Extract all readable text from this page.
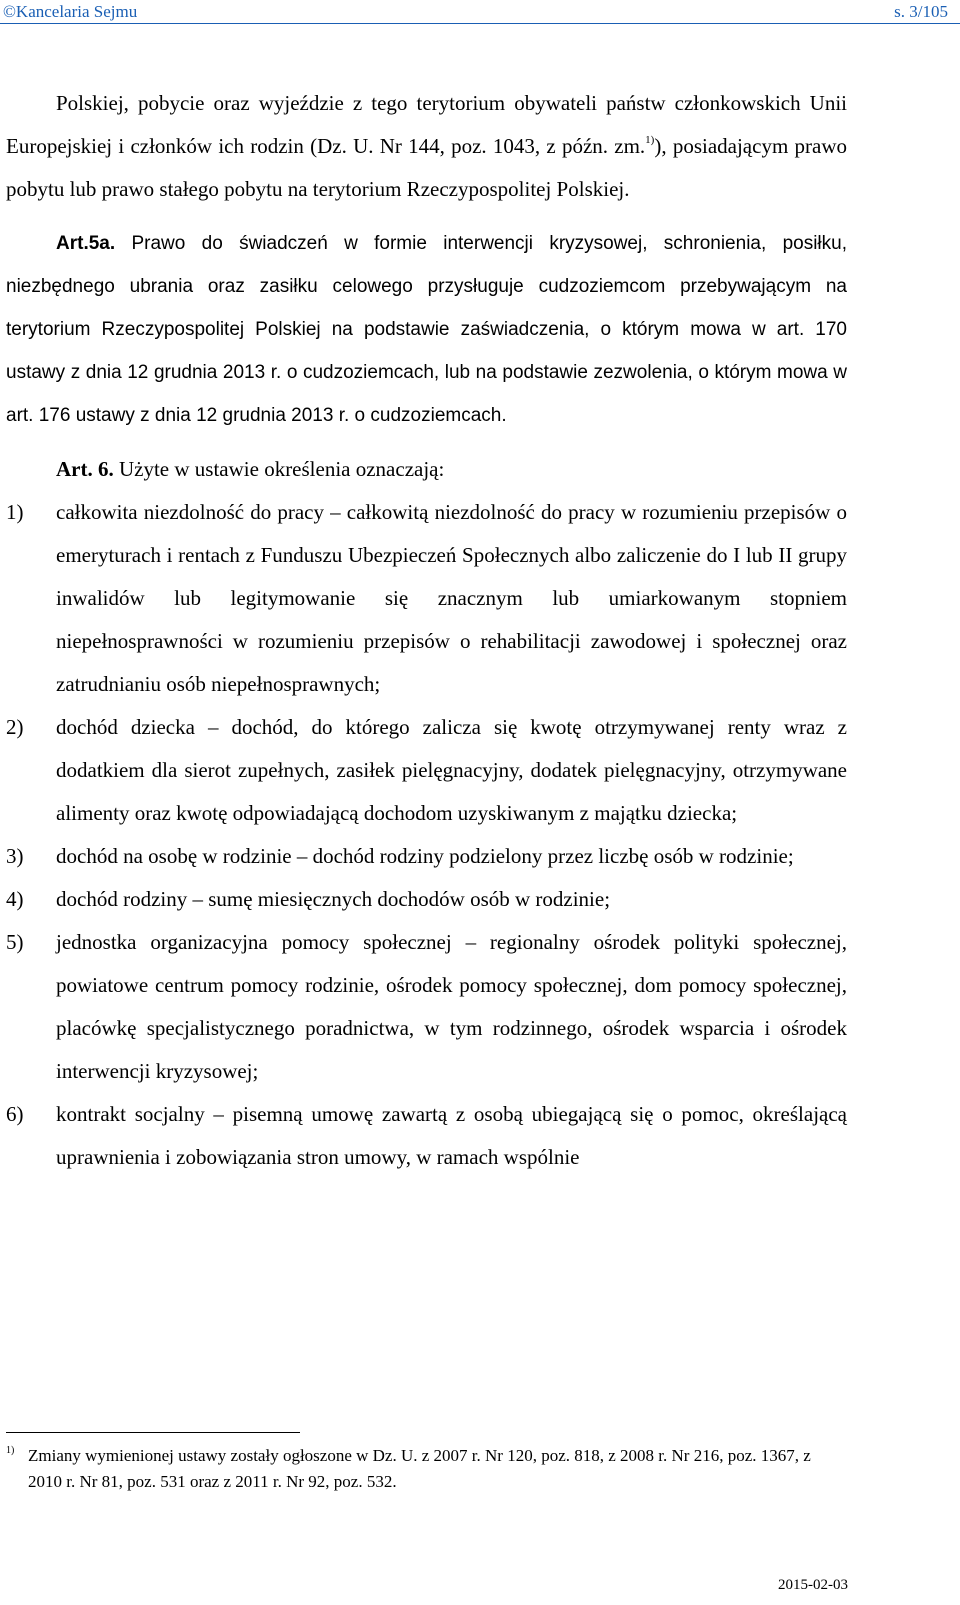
©Kancelaria Sejmu	s. 3/105

Polskiej, pobycie oraz wyjeździe z tego terytorium obywateli państw członkowskich Unii Europejskiej i członków ich rodzin (Dz. U. Nr 144, poz. 1043, z późn. zm.$^{1)}$), posiadającym prawo pobytu lub prawo stałego pobytu na terytorium Rzeczypospolitej Polskiej.

Art.5a. Prawo do świadczeń w formie interwencji kryzysowej, schronienia, posiłku, niezbędnego ubrania oraz zasiłku celowego przysługuje cudzoziemcom przebywającym na terytorium Rzeczypospolitej Polskiej na podstawie zaświadczenia, o którym mowa w art. 170 ustawy z dnia 12 grudnia 2013 r. o cudzoziemcach, lub na podstawie zezwolenia, o którym mowa w art. 176 ustawy z dnia 12 grudnia 2013 r. o cudzoziemcach.

Art. 6. Użyte w ustawie określenia oznaczają:
1)	całkowita niezdolność do pracy – całkowitą niezdolność do pracy w rozumieniu przepisów o emeryturach i rentach z Funduszu Ubezpieczeń Społecznych albo zaliczenie do I lub II grupy inwalidów lub legitymowanie się znacznym lub umiarkowanym stopniem niepełnosprawności w rozumieniu przepisów o rehabilitacji zawodowej i społecznej oraz zatrudnianiu osób niepełnosprawnych;
2)	dochód dziecka – dochód, do którego zalicza się kwotę otrzymywanej renty wraz z dodatkiem dla sierot zupełnych, zasiłek pielęgnacyjny, dodatek pielęgnacyjny, otrzymywane alimenty oraz kwotę odpowiadającą dochodom uzyskiwanym z majątku dziecka;
3)	dochód na osobę w rodzinie – dochód rodziny podzielony przez liczbę osób w rodzinie;
4)	dochód rodziny – sumę miesięcznych dochodów osób w rodzinie;
5)	jednostka organizacyjna pomocy społecznej – regionalny ośrodek polityki społecznej, powiatowe centrum pomocy rodzinie, ośrodek pomocy społecznej, dom pomocy społecznej, placówkę specjalistycznego poradnictwa, w tym rodzinnego, ośrodek wsparcia i ośrodek interwencji kryzysowej;
6)	kontrakt socjalny – pisemną umowę zawartą z osobą ubiegającą się o pomoc, określającą uprawnienia i zobowiązania stron umowy, w ramach wspólnie
$^{1)}$ Zmiany wymienionej ustawy zostały ogłoszone w Dz. U. z 2007 r. Nr 120, poz. 818, z 2008 r. Nr 216, poz. 1367, z 2010 r. Nr 81, poz. 531 oraz z 2011 r. Nr 92, poz. 532.
2015-02-03
